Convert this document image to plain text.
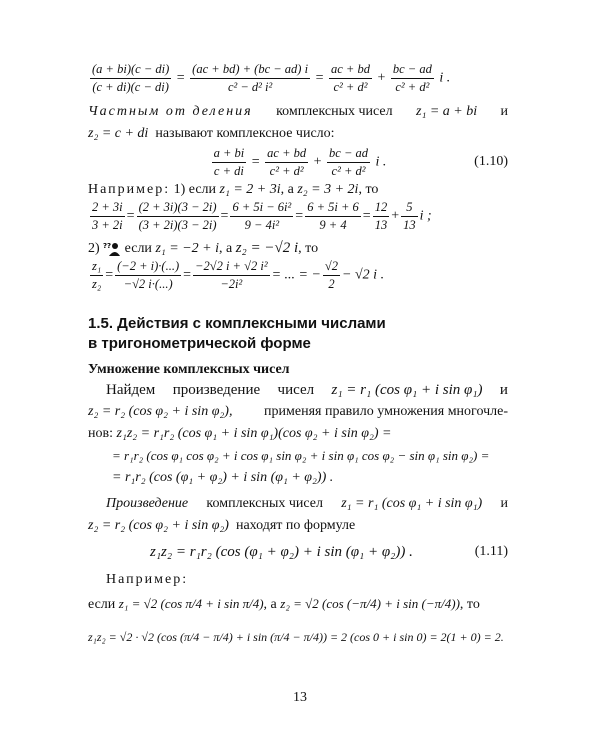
$\frac{(a + bi)(c - di)}{(c + di)(c - di)} = \frac{(ac + bd) + (bc - ad) i}{\text{c² − d² i²}} = \frac{ac + bd}{\text{c² + d²}} + \frac{bc - ad}{\text{c² + d²}}$ i .
Частным от деления комплексных чисел z₁ = a + bi и
z₂ = c + di называют комплексное число:
$\frac{a + bi}{c + di} = \frac{ac + bd}{\text{c² + d²}} + \frac{bc - ad}{\text{c² + d²}}$ i .	(1.10)
Например: 1) если z₁ = 2 + 3i, а z₂ = 3 + 2i, то
$\frac{2 + 3i}{3 + 2i} = \frac{(2 + 3i)(3 - 2i)}{(3 + 2i)(3 - 2i)} = \frac{\text{6 + 5i − 6i²}}{\text{9 − 4i²}} = \frac{6 + 5i + 6}{9 + 4} = \frac{12}{13} + \frac{5}{13}$ i ;
2) ?? если z₁ = −2 + i, а z₂ = −√2 i, то
$\frac{\text{z₁}}{\text{z₂}} = \frac{(-2 + i)\cdot(...)}{-√2 i\cdot(...)} = \frac{\text{−2√2 i + √2 i²}}{\text{−2i²}}$ = ... = − $\frac{√2}{2} - √2$ i .
1.5. Действия с комплексными числами в тригонометрической форме
Умножение комплексных чисел
Найдем произведение чисел z₁ = r₁ (cos φ₁ + i sin φ₁) и
z₂ = r₂ (cos φ₂ + i sin φ₂), применяя правило умножения многочле-
нов: z₁z₂ = r₁r₂ (cos φ₁ + i sin φ₁)(cos φ₂ + i sin φ₂) =
= r₁r₂ (cos φ₁ cos φ₂ + i cos φ₁ sin φ₂ + i sin φ₁ cos φ₂ − sin φ₁ sin φ₂) =
= r₁r₂ (cos (φ₁ + φ₂) + i sin (φ₁ + φ₂)) .
Произведение комплексных чисел z₁ = r₁ (cos φ₁ + i sin φ₁) и
z₂ = r₂ (cos φ₂ + i sin φ₂) находят по формуле
z₁z₂ = r₁r₂ (cos (φ₁ + φ₂) + i sin (φ₁ + φ₂)) .	(1.11)
Например:
если z₁ = √2 (cos π/4 + i sin π/4), а z₂ = √2 (cos (−π/4) + i sin (−π/4)), то
z₁z₂ = √2 · √2 (cos (π/4 − π/4) + i sin (π/4 − π/4)) = 2 (cos 0 + i sin 0) = 2(1 + 0) = 2.
13
